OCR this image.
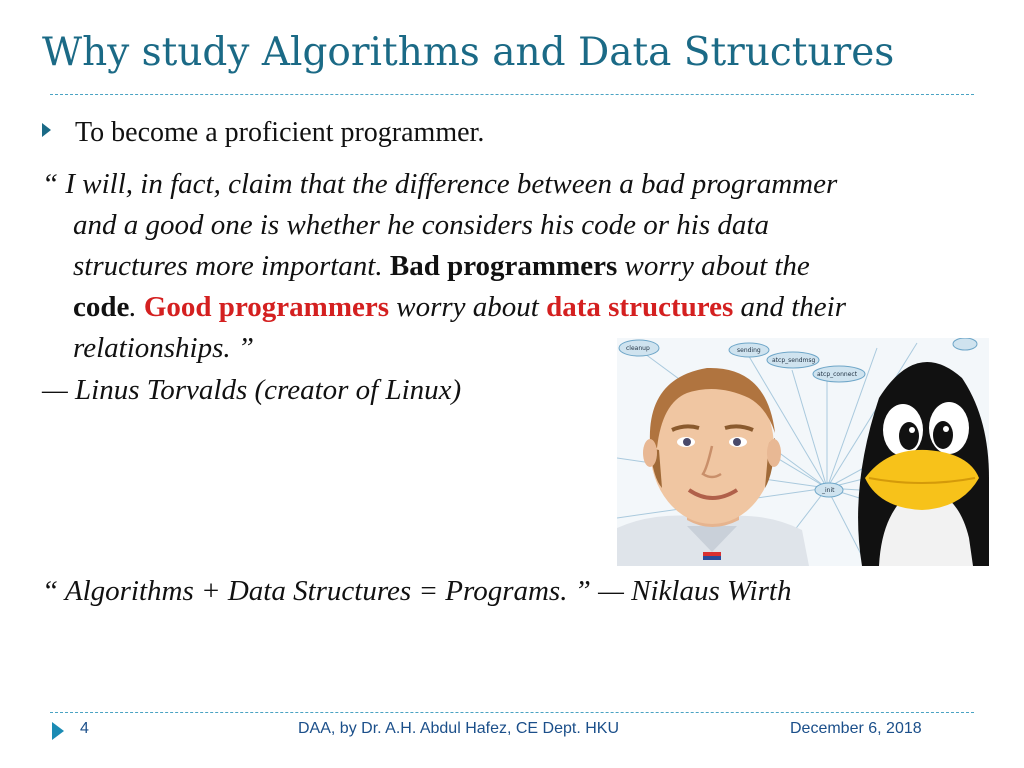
Why study Algorithms and Data Structures
To become a proficient programmer.
“ I will, in fact, claim that the difference between a bad programmer
and a good one is whether he considers his code or his data
structures more important. Bad programmers worry about the
code. Good programmers worry about data structures and their
relationships. ”
— Linus Torvalds (creator of Linux)
cleanup	sending
atcp_sendmsg
atcp_connect
_init
“ Algorithms + Data Structures = Programs. ” — Niklaus Wirth
4	DAA, by Dr. A.H. Abdul Hafez, CE Dept. HKU	December 6, 2018
